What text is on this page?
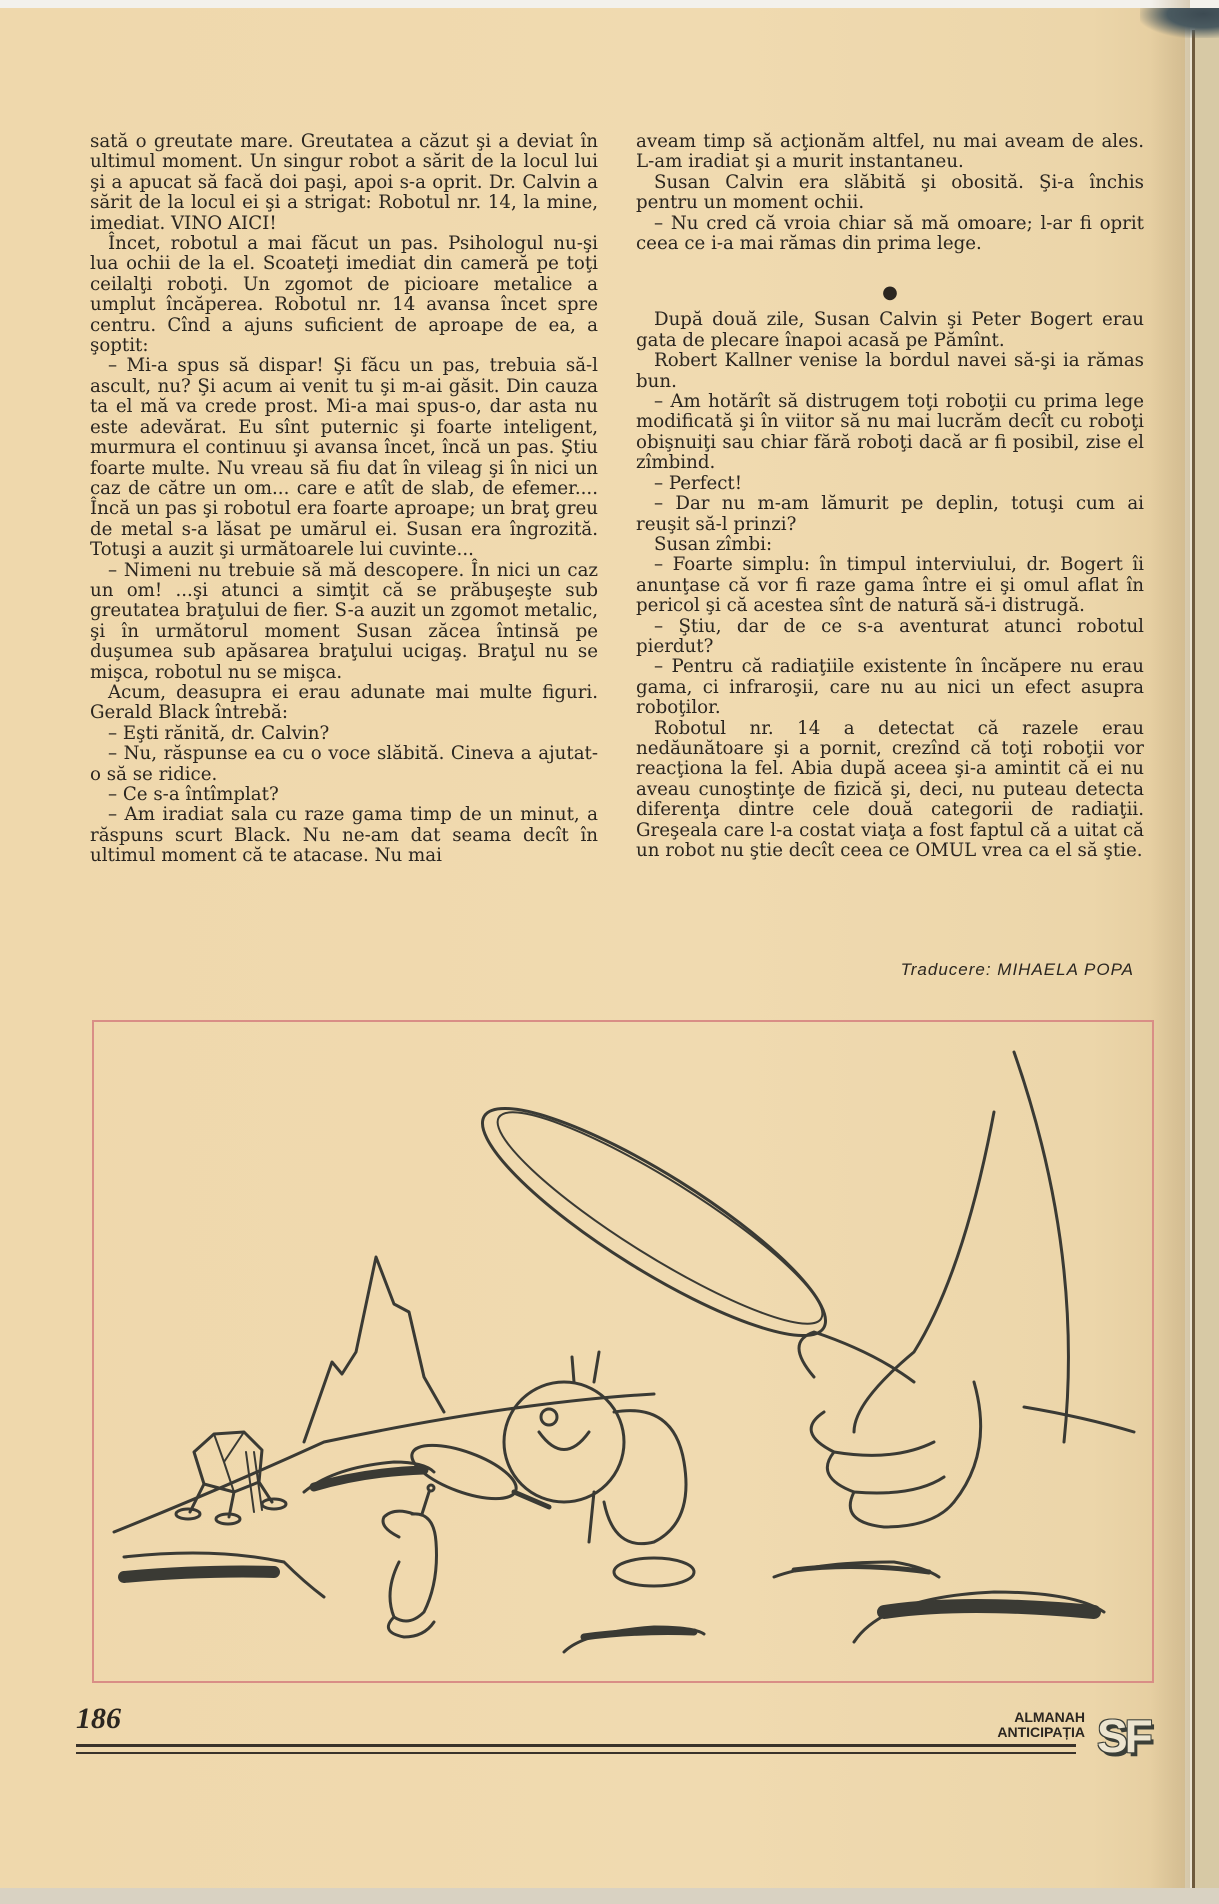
sată o greutate mare. Greutatea a căzut şi a deviat în ultimul moment. Un singur robot a sărit de la locul lui şi a apucat să facă doi paşi, apoi s-a oprit. Dr. Calvin a sărit de la locul ei şi a strigat: Robotul nr. 14, la mine, imediat. VINO AICI!

Încet, robotul a mai făcut un pas. Psihologul nu-şi lua ochii de la el. Scoateţi imediat din cameră pe toţi ceilalţi roboţi. Un zgomot de picioare metalice a umplut încăperea. Robotul nr. 14 avansa încet spre centru. Cînd a ajuns suficient de aproape de ea, a şoptit:

– Mi-a spus să dispar! Şi făcu un pas, trebuia să-l ascult, nu? Şi acum ai venit tu şi m-ai găsit. Din cauza ta el mă va crede prost. Mi-a mai spus-o, dar asta nu este adevărat. Eu sînt puternic şi foarte inteligent, murmura el continuu şi avansa încet, încă un pas. Ştiu foarte multe. Nu vreau să fiu dat în vileag şi în nici un caz de către un om... care e atît de slab, de efemer.... Încă un pas şi robotul era foarte aproape; un braţ greu de metal s-a lăsat pe umărul ei. Susan era îngrozită. Totuşi a auzit şi următoarele lui cuvinte...

– Nimeni nu trebuie să mă descopere. În nici un caz un om! ...şi atunci a simţit că se prăbuşeşte sub greutatea braţului de fier. S-a auzit un zgomot metalic, şi în următorul moment Susan zăcea întinsă pe duşumea sub apăsarea braţului ucigaş. Braţul nu se mişca, robotul nu se mişca.

Acum, deasupra ei erau adunate mai multe figuri. Gerald Black întrebă:

– Eşti rănită, dr. Calvin?

– Nu, răspunse ea cu o voce slăbită. Cineva a ajutat-o să se ridice.

– Ce s-a întîmplat?

– Am iradiat sala cu raze gama timp de un minut, a răspuns scurt Black. Nu ne-am dat seama decît în ultimul moment că te atacase. Nu mai

aveam timp să acţionăm altfel, nu mai aveam de ales. L-am iradiat şi a murit instantaneu.

Susan Calvin era slăbită şi obosită. Şi-a închis pentru un moment ochii.

– Nu cred că vroia chiar să mă omoare; l-ar fi oprit ceea ce i-a mai rămas din prima lege.

●

După două zile, Susan Calvin şi Peter Bogert erau gata de plecare înapoi acasă pe Pămînt.

Robert Kallner venise la bordul navei să-şi ia rămas bun.

– Am hotărît să distrugem toţi roboţii cu prima lege modificată şi în viitor să nu mai lucrăm decît cu roboţi obişnuiţi sau chiar fără roboţi dacă ar fi posibil, zise el zîmbind.

– Perfect!

– Dar nu m-am lămurit pe deplin, totuşi cum ai reuşit să-l prinzi?

Susan zîmbi:

– Foarte simplu: în timpul interviului, dr. Bogert îi anunţase că vor fi raze gama între ei şi omul aflat în pericol şi că acestea sînt de natură să-i distrugă.

– Ştiu, dar de ce s-a aventurat atunci robotul pierdut?

– Pentru că radiaţiile existente în încăpere nu erau gama, ci infraroşii, care nu au nici un efect asupra roboţilor.

Robotul nr. 14 a detectat că razele erau nedăunătoare şi a pornit, crezînd că toţi roboţii vor reacţiona la fel. Abia după aceea şi-a amintit că ei nu aveau cunoştinţe de fizică şi, deci, nu puteau detecta diferenţa dintre cele două categorii de radiaţii. Greşeala care l-a costat viaţa a fost faptul că a uitat că un robot nu ştie decît ceea ce OMUL vrea ca el să ştie.

Traducere: MIHAELA POPA
186	ALMANAH
ANTICIPAȚIA SF
